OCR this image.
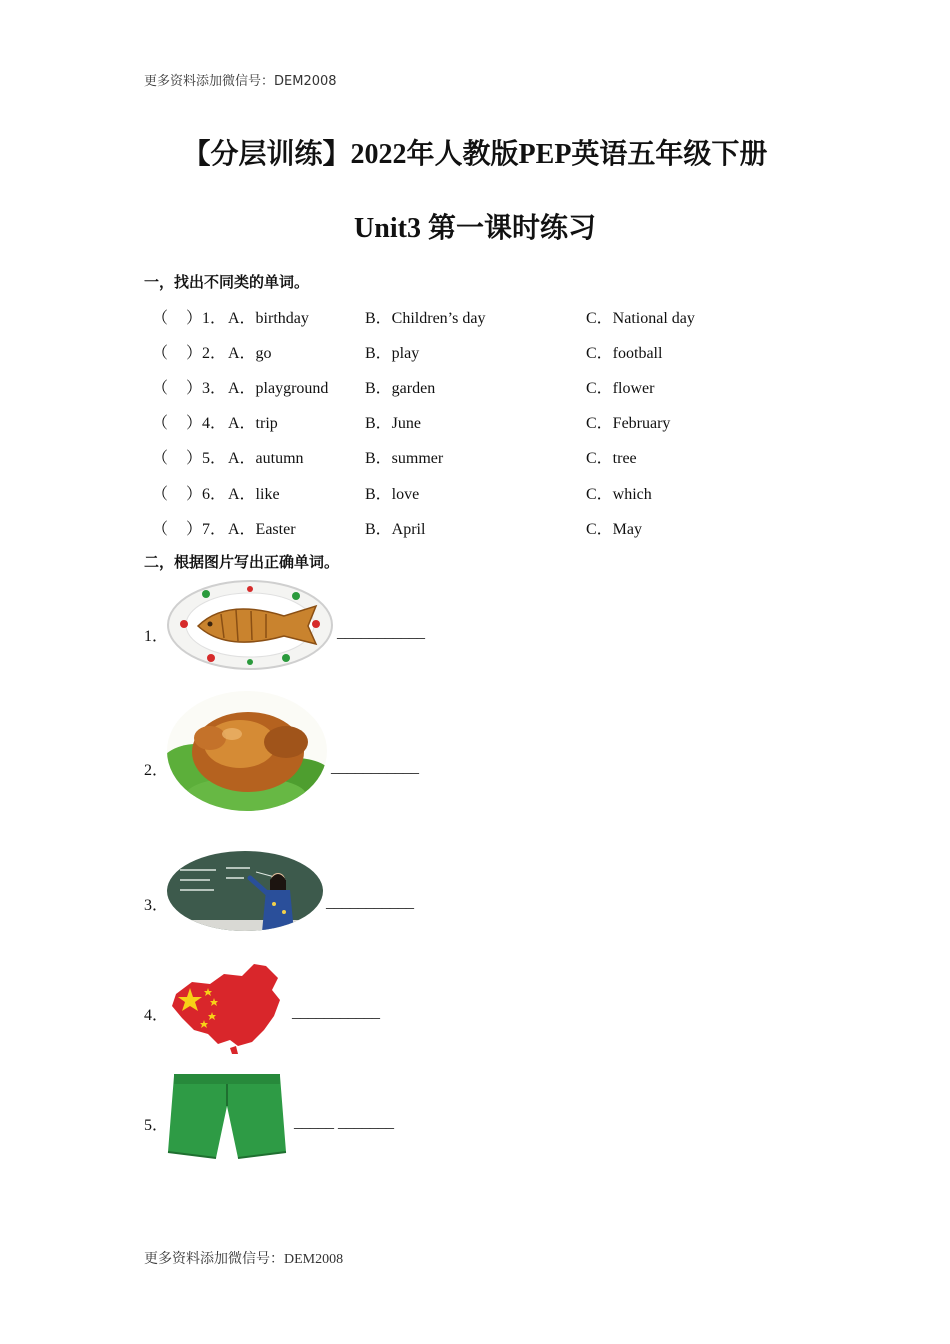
更多资料添加微信号：DEM2008
【分层训练】2022年人教版PEP英语五年级下册
Unit3 第一课时练习
一，找出不同类的单词。
（ ） 1． A．birthday	B．Children’s day	C．National day
（ ） 2． A．go	B．play	C．football
（ ） 3． A．playground B．garden	C．flower
（ ） 4． A．trip	B．June	C．February
（ ） 5． A．autumn	B．summer	C．tree
（ ） 6． A．like	B．love	C．which
（ ） 7． A．Easter	B．April	C．May
二，根据图片写出正确单词。
1．	___________
2．	___________
3．	___________
4．	___________
5．	_____ _______
更多资料添加微信号：DEM2008
